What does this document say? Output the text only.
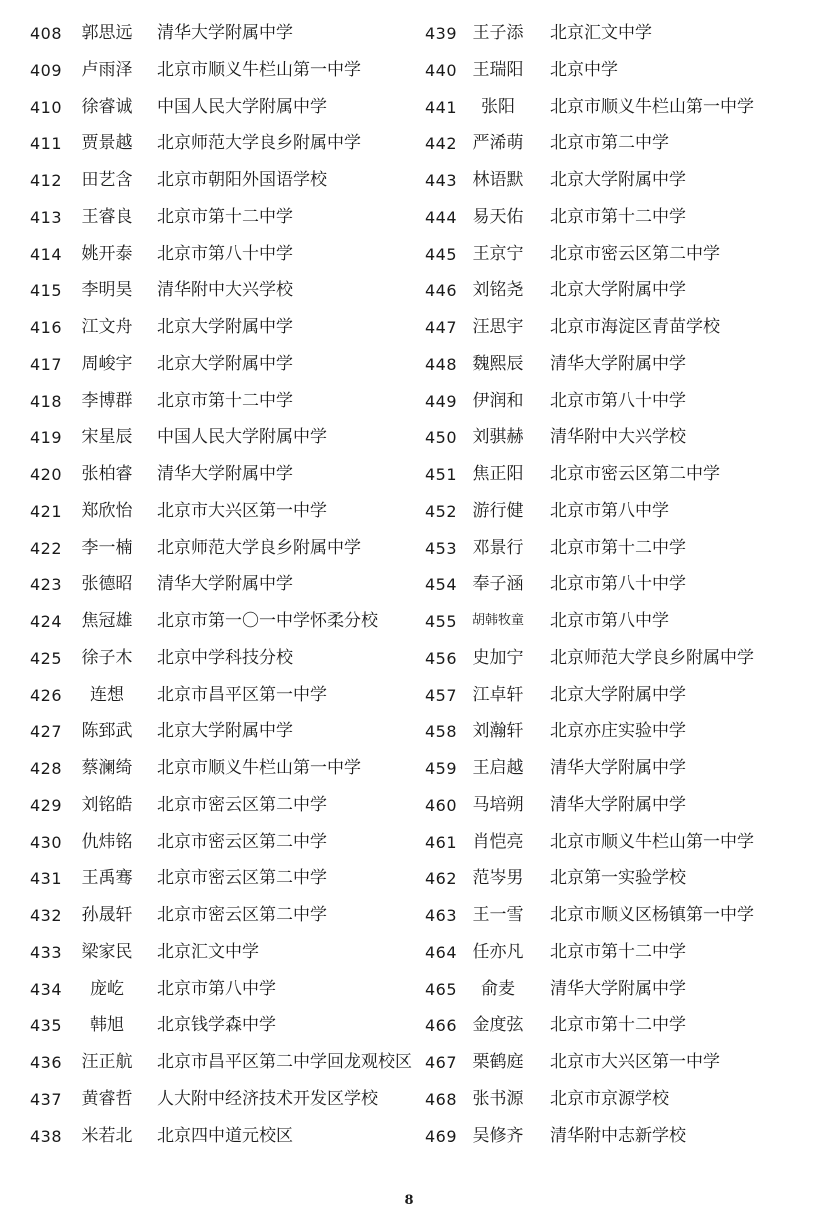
408	郭思远	清华大学附属中学
409	卢雨泽	北京市顺义牛栏山第一中学
410	徐睿诚	中国人民大学附属中学
411	贾景越	北京师范大学良乡附属中学
412	田艺含	北京市朝阳外国语学校
413	王睿良	北京市第十二中学
414	姚开泰	北京市第八十中学
415	李明昊	清华附中大兴学校
416	江文舟	北京大学附属中学
417	周峻宇	北京大学附属中学
418	李博群	北京市第十二中学
419	宋星辰	中国人民大学附属中学
420	张柏睿	清华大学附属中学
421	郑欣怡	北京市大兴区第一中学
422	李一楠	北京师范大学良乡附属中学
423	张德昭	清华大学附属中学
424	焦冠雄	北京市第一〇一中学怀柔分校
425	徐子木	北京中学科技分校
426	连想	北京市昌平区第一中学
427	陈郅武	北京大学附属中学
428	蔡澜绮	北京市顺义牛栏山第一中学
429	刘铭皓	北京市密云区第二中学
430	仇炜铭	北京市密云区第二中学
431	王禹骞	北京市密云区第二中学
432	孙晟轩	北京市密云区第二中学
433	梁家民	北京汇文中学
434	庞屹	北京市第八中学
435	韩旭	北京钱学森中学
436	汪正航	北京市昌平区第二中学回龙观校区
437	黄睿哲	人大附中经济技术开发区学校
438	米若北	北京四中道元校区
439 王子添	北京汇文中学
440 王瑞阳	北京中学
441	张阳	北京市顺义牛栏山第一中学
442 严浠萌	北京市第二中学
443 林语默	北京大学附属中学
444 易天佑	北京市第十二中学
445 王京宁	北京市密云区第二中学
446 刘铭尧	北京大学附属中学
447 汪思宇	北京市海淀区青苗学校
448 魏熙辰	清华大学附属中学
449 伊润和	北京市第八十中学
450 刘骐赫	清华附中大兴学校
451 焦正阳	北京市密云区第二中学
452 游行健	北京市第八中学
453 邓景行	北京市第十二中学
454 奉子涵	北京市第八十中学
455	胡韩牧童	北京市第八中学
456 史加宁	北京师范大学良乡附属中学
457 江卓轩	北京大学附属中学
458 刘瀚轩	北京亦庄实验中学
459 王启越	清华大学附属中学
460 马培朔	清华大学附属中学
461 肖恺亮	北京市顺义牛栏山第一中学
462 范岑男	北京第一实验学校
463 王一雪	北京市顺义区杨镇第一中学
464 任亦凡	北京市第十二中学
465	俞麦	清华大学附属中学
466 金度弦	北京市第十二中学
467 栗鹤庭	北京市大兴区第一中学
468 张书源	北京市京源学校
469 吴修齐	清华附中志新学校
8
